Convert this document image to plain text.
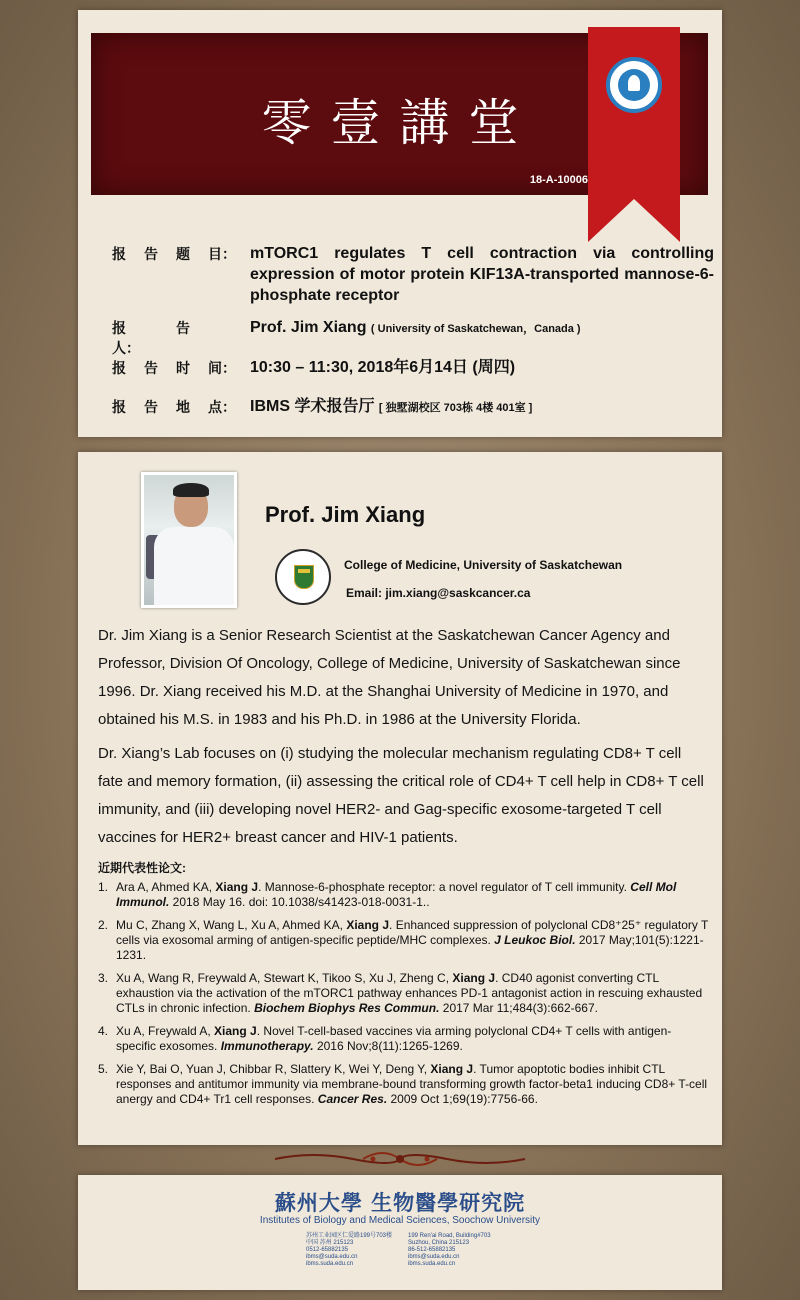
零壹講堂
18-A-10006
报 告 题 目： mTORC1 regulates T cell contraction via controlling expression of motor protein KIF13A-transported mannose-6-phosphate receptor
报	告人：
Prof. Jim Xiang ( University of Saskatchewan，Canada )
报 告 时 间： 10:30 – 11:30, 2018年6月14日 (周四)
报 告 地 点： IBMS 学术报告厅 [ 独墅湖校区 703栋 4楼 401室 ]
Prof. Jim Xiang
College of Medicine, University of Saskatchewan
Email: jim.xiang@saskcancer.ca
Dr. Jim Xiang is a Senior Research Scientist at the Saskatchewan Cancer Agency and Professor, Division Of Oncology, College of Medicine, University of Saskatchewan since 1996. Dr. Xiang received his M.D. at the Shanghai University of Medicine in 1970, and obtained his M.S. in 1983 and his Ph.D. in 1986 at the University Florida.
Dr. Xiang’s Lab focuses on (i) studying the molecular mechanism regulating CD8+ T cell fate and memory formation, (ii) assessing the critical role of CD4+ T cell help in CD8+ T cell immunity, and (iii) developing novel HER2- and Gag-specific exosome-targeted T cell vaccines for HER2+ breast cancer and HIV-1 patients.
近期代表性论文:
1. Ara A, Ahmed KA, Xiang J. Mannose-6-phosphate receptor: a novel regulator of T cell immunity. Cell Mol Immunol. 2018 May 16. doi: 10.1038/s41423-018-0031-1..
2. Mu C, Zhang X, Wang L, Xu A, Ahmed KA, Xiang J. Enhanced suppression of polyclonal CD8⁺25⁺ regulatory T cells via exosomal arming of antigen-specific peptide/MHC complexes. J Leukoc Biol. 2017 May;101(5):1221-1231.
3. Xu A, Wang R, Freywald A, Stewart K, Tikoo S, Xu J, Zheng C, Xiang J. CD40 agonist converting CTL exhaustion via the activation of the mTORC1 pathway enhances PD-1 antagonist action in rescuing exhausted CTLs in chronic infection. Biochem Biophys Res Commun. 2017 Mar 11;484(3):662-667.
4. Xu A, Freywald A, Xiang J. Novel T-cell-based vaccines via arming polyclonal CD4+ T cells with antigen-specific exosomes. Immunotherapy. 2016 Nov;8(11):1265-1269.
5. Xie Y, Bai O, Yuan J, Chibbar R, Slattery K, Wei Y, Deng Y, Xiang J. Tumor apoptotic bodies inhibit CTL responses and antitumor immunity via membrane-bound transforming growth factor-beta1 inducing CD8+ T-cell anergy and CD4+ Tr1 cell responses. Cancer Res. 2009 Oct 1;69(19):7756-66.
蘇州大學 生物醫學研究院
Institutes of Biology and Medical Sciences, Soochow University
苏州工业园区仁爱路199号703楼
中国 苏州 215123
0512-65882135
ibms@suda.edu.cn
ibms.suda.edu.cn
199 Ren'ai Road, Building#703
Suzhou, China 215123
86-512-65882135
ibms@suda.edu.cn
ibms.suda.edu.cn
